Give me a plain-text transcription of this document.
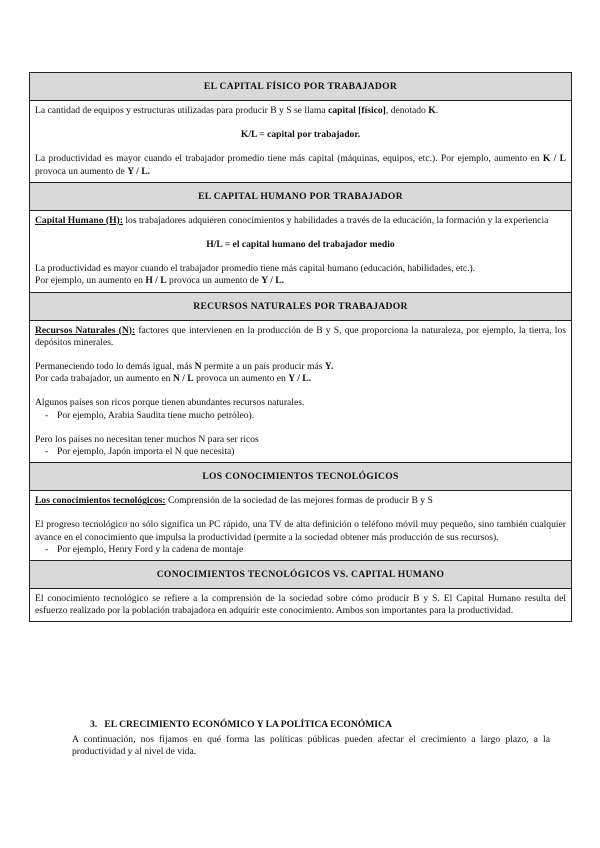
EL CAPITAL FÍSICO POR TRABAJADOR

La cantidad de equipos y estructuras utilizadas para producir B y S se llama capital [físico], denotado K.

K/L = capital por trabajador.

La productividad es mayor cuando el trabajador promedio tiene más capital (máquinas, equipos, etc.). Por ejemplo, aumento en K / L provoca un aumento de Y / L.

EL CAPITAL HUMANO POR TRABAJADOR

Capital Humano (H): los trabajadores adquieren conocimientos y habilidades a través de la educación, la formación y la experiencia

H/L = el capital humano del trabajador medio

La productividad es mayor cuando el trabajador promedio tiene más capital humano (educación, habilidades, etc.).
Por ejemplo, un aumento en H / L provoca un aumento de Y / L.

RECURSOS NATURALES POR TRABAJADOR

Recursos Naturales (N): factores que intervienen en la producción de B y S, que proporciona la naturaleza, por ejemplo, la tierra, los depósitos minerales.

Permaneciendo todo lo demás igual, más N permite a un país producir más Y.
Por cada trabajador, un aumento en N / L provoca un aumento en Y / L.

Algunos países son ricos porque tienen abundantes recursos naturales.

- Por ejemplo, Arabia Saudita tiene mucho petróleo).

Pero los países no necesitan tener muchos N para ser ricos

- Por ejemplo, Japón importa el N que necesita)

LOS CONOCIMIENTOS TECNOLÓGICOS

Los conocimientos tecnológicos: Comprensión de la sociedad de las mejores formas de producir B y S

El progreso tecnológico no sólo significa un PC rápido, una TV de alta definición o teléfono móvil muy pequeño, sino también cualquier avance en el conocimiento que impulsa la productividad (permite a la sociedad obtener más producción de sus recursos).

- Por ejemplo, Henry Ford y la cadena de montaje

CONOCIMIENTOS TECNOLÓGICOS VS. CAPITAL HUMANO

El conocimiento tecnológico se refiere a la comprensión de la sociedad sobre cómo producir B y S. El Capital Humano resulta del esfuerzo realizado por la población trabajadora en adquirir este conocimiento. Ambos son importantes para la productividad.

3. EL CRECIMIENTO ECONÓMICO Y LA POLÍTICA ECONÓMICA

A continuación, nos fijamos en qué forma las políticas públicas pueden afectar el crecimiento a largo plazo, a la productividad y al nivel de vida.
